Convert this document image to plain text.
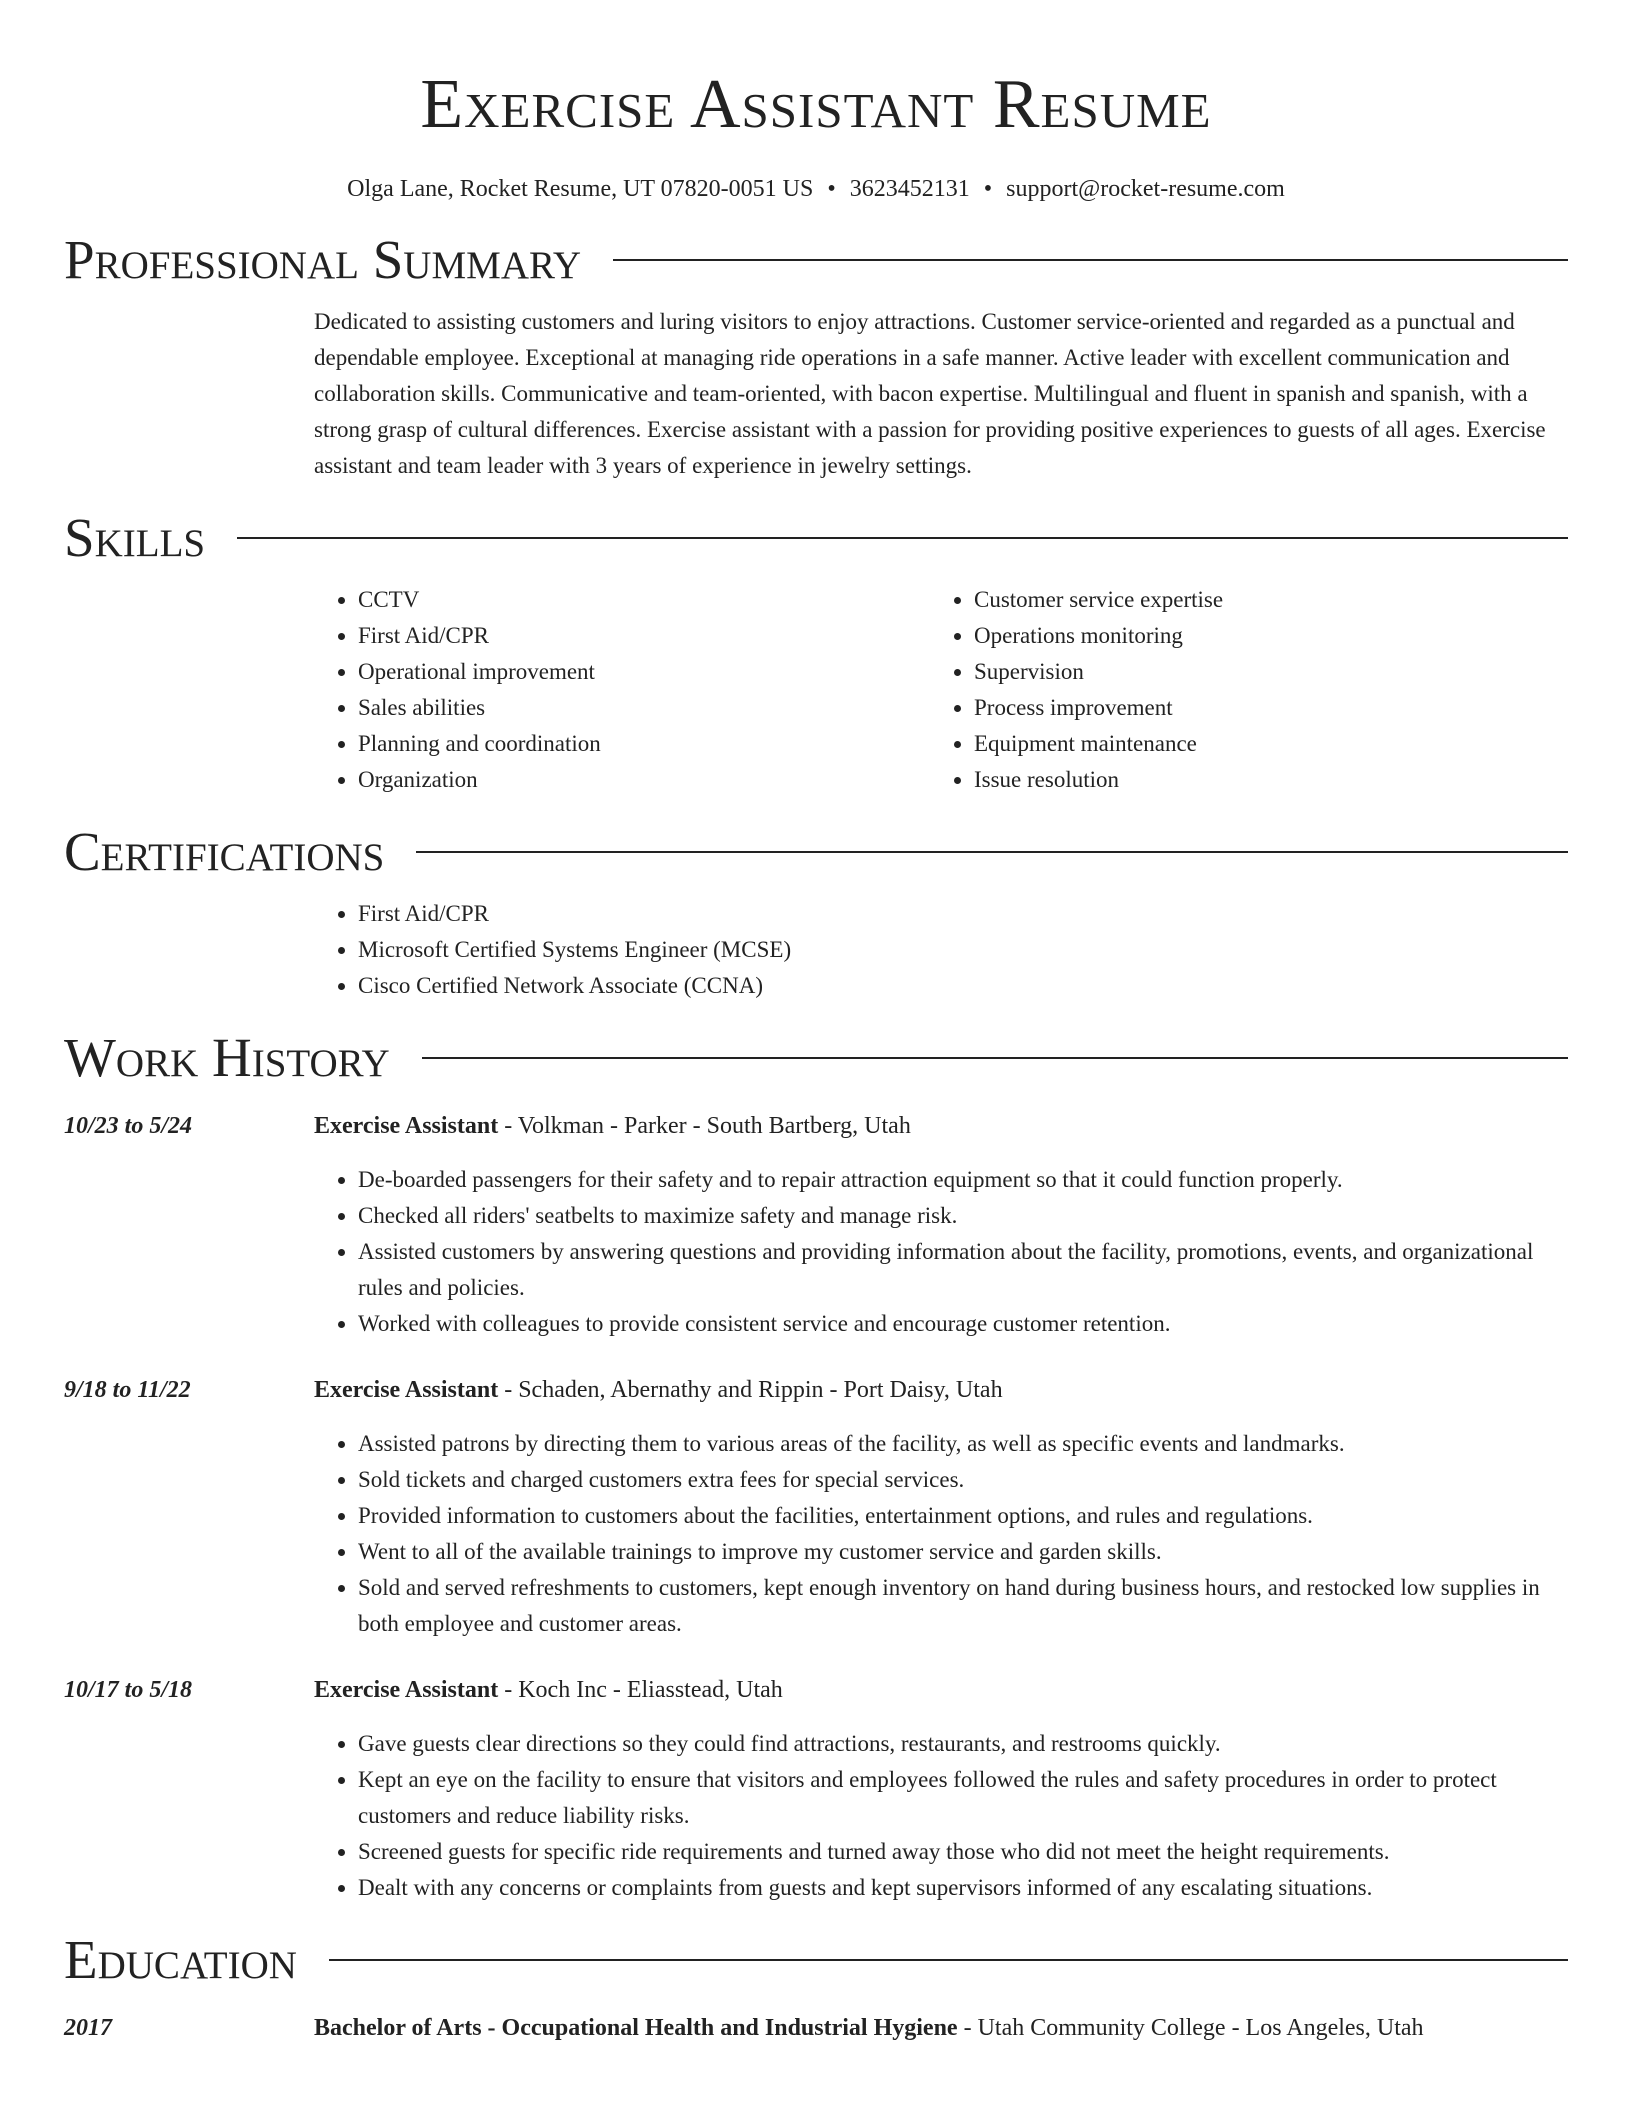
Exercise Assistant Resume
Olga Lane, Rocket Resume, UT 07820-0051 US • 3623452131 • support@rocket-resume.com
Professional Summary
Dedicated to assisting customers and luring visitors to enjoy attractions. Customer service-oriented and regarded as a punctual and dependable employee. Exceptional at managing ride operations in a safe manner. Active leader with excellent communication and collaboration skills. Communicative and team-oriented, with bacon expertise. Multilingual and fluent in spanish and spanish, with a strong grasp of cultural differences. Exercise assistant with a passion for providing positive experiences to guests of all ages. Exercise assistant and team leader with 3 years of experience in jewelry settings.
Skills
• CCTV
• First Aid/CPR
• Operational improvement
• Sales abilities
• Planning and coordination
• Organization
• Customer service expertise
• Operations monitoring
• Supervision
• Process improvement
• Equipment maintenance
• Issue resolution
Certifications
• First Aid/CPR
• Microsoft Certified Systems Engineer (MCSE)
• Cisco Certified Network Associate (CCNA)
Work History
10/23 to 5/24	Exercise Assistant - Volkman - Parker - South Bartberg, Utah
• De-boarded passengers for their safety and to repair attraction equipment so that it could function properly.
• Checked all riders' seatbelts to maximize safety and manage risk.
• Assisted customers by answering questions and providing information about the facility, promotions, events, and organizational rules and policies.
• Worked with colleagues to provide consistent service and encourage customer retention.
9/18 to 11/22	Exercise Assistant - Schaden, Abernathy and Rippin - Port Daisy, Utah
• Assisted patrons by directing them to various areas of the facility, as well as specific events and landmarks.
• Sold tickets and charged customers extra fees for special services.
• Provided information to customers about the facilities, entertainment options, and rules and regulations.
• Went to all of the available trainings to improve my customer service and garden skills.
• Sold and served refreshments to customers, kept enough inventory on hand during business hours, and restocked low supplies in both employee and customer areas.
10/17 to 5/18	Exercise Assistant - Koch Inc - Eliasstead, Utah
• Gave guests clear directions so they could find attractions, restaurants, and restrooms quickly.
• Kept an eye on the facility to ensure that visitors and employees followed the rules and safety procedures in order to protect customers and reduce liability risks.
• Screened guests for specific ride requirements and turned away those who did not meet the height requirements.
• Dealt with any concerns or complaints from guests and kept supervisors informed of any escalating situations.
Education
2017	Bachelor of Arts - Occupational Health and Industrial Hygiene - Utah Community College - Los Angeles, Utah
